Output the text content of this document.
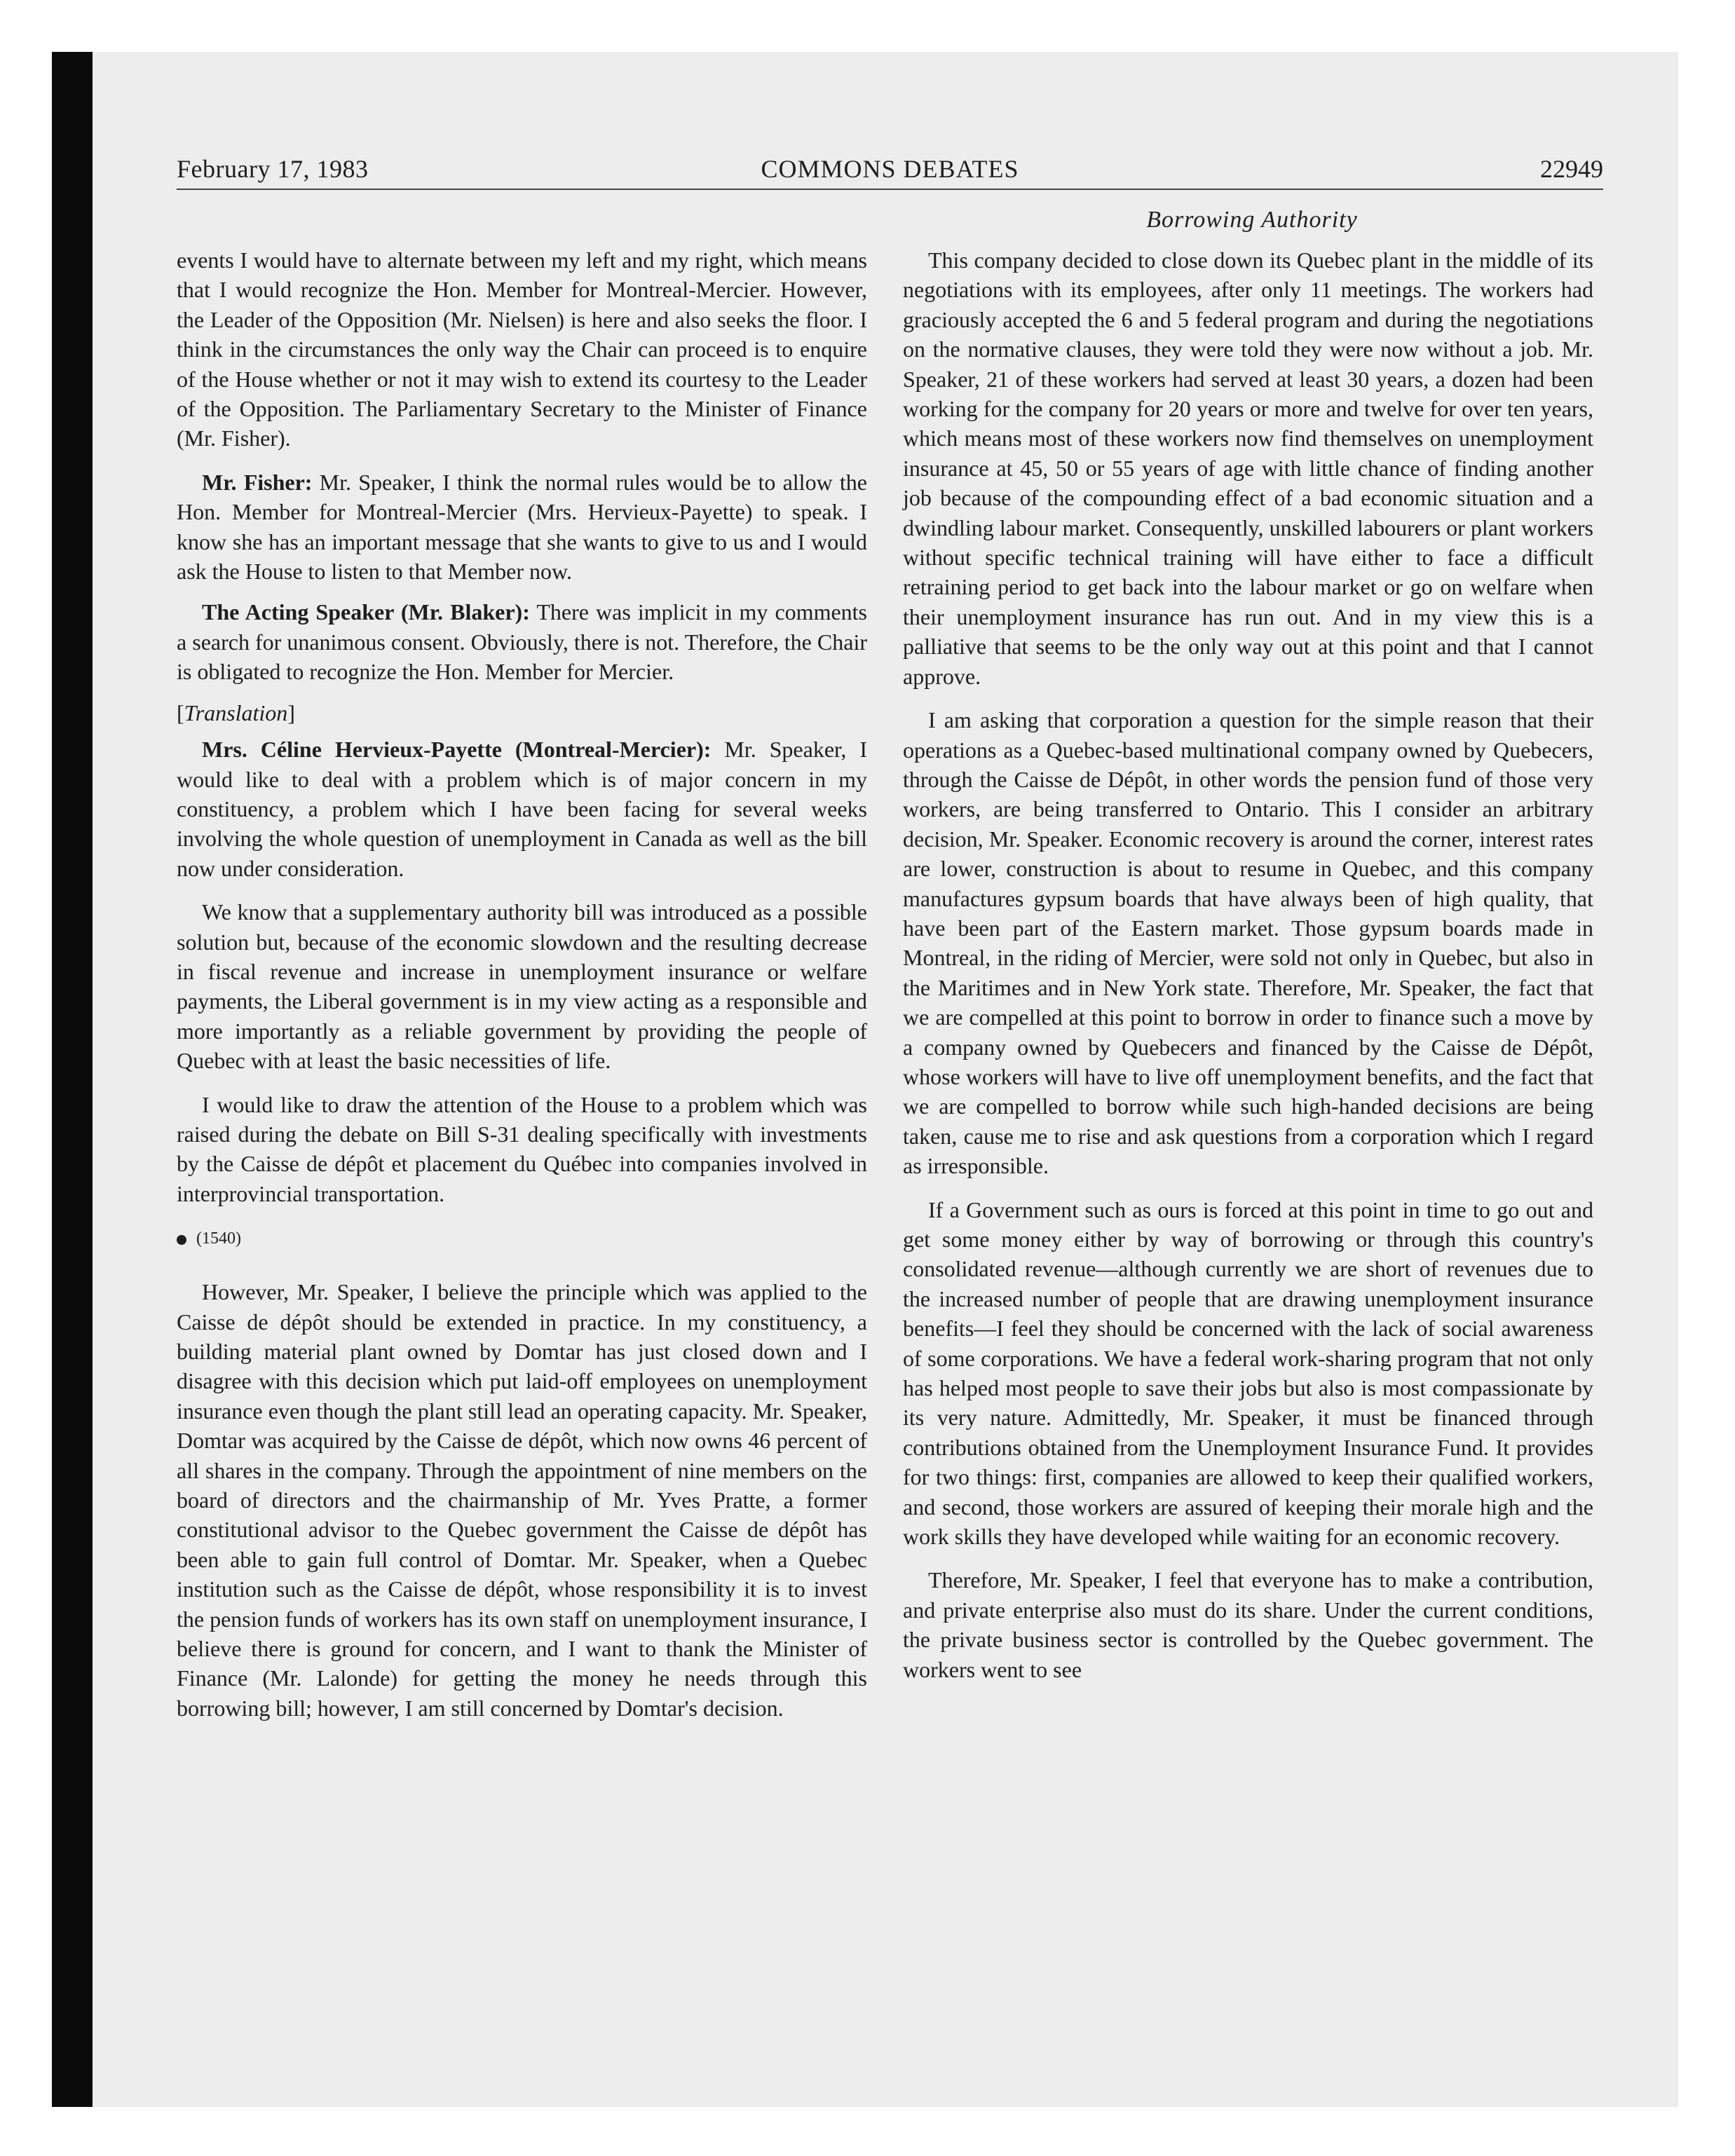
February 17, 1983	COMMONS DEBATES	22949
Borrowing Authority

events I would have to alternate between my left and my right, which means that I would recognize the Hon. Member for Montreal-Mercier. However, the Leader of the Opposition (Mr. Nielsen) is here and also seeks the floor. I think in the circumstances the only way the Chair can proceed is to enquire of the House whether or not it may wish to extend its courtesy to the Leader of the Opposition. The Parliamentary Secretary to the Minister of Finance (Mr. Fisher).

Mr. Fisher: Mr. Speaker, I think the normal rules would be to allow the Hon. Member for Montreal-Mercier (Mrs. Hervieux-Payette) to speak. I know she has an important message that she wants to give to us and I would ask the House to listen to that Member now.

The Acting Speaker (Mr. Blaker): There was implicit in my comments a search for unanimous consent. Obviously, there is not. Therefore, the Chair is obligated to recognize the Hon. Member for Mercier.

[Translation]

Mrs. Céline Hervieux-Payette (Montreal-Mercier): Mr. Speaker, I would like to deal with a problem which is of major concern in my constituency, a problem which I have been facing for several weeks involving the whole question of unemployment in Canada as well as the bill now under consideration.

We know that a supplementary authority bill was introduced as a possible solution but, because of the economic slowdown and the resulting decrease in fiscal revenue and increase in unemployment insurance or welfare payments, the Liberal government is in my view acting as a responsible and more importantly as a reliable government by providing the people of Quebec with at least the basic necessities of life.

I would like to draw the attention of the House to a problem which was raised during the debate on Bill S-31 dealing specifically with investments by the Caisse de dépôt et placement du Québec into companies involved in interprovincial transportation.

(1540)

However, Mr. Speaker, I believe the principle which was applied to the Caisse de dépôt should be extended in practice. In my constituency, a building material plant owned by Domtar has just closed down and I disagree with this decision which put laid-off employees on unemployment insurance even though the plant still lead an operating capacity. Mr. Speaker, Domtar was acquired by the Caisse de dépôt, which now owns 46 percent of all shares in the company. Through the appointment of nine members on the board of directors and the chairmanship of Mr. Yves Pratte, a former constitutional advisor to the Quebec government the Caisse de dépôt has been able to gain full control of Domtar. Mr. Speaker, when a Quebec institution such as the Caisse de dépôt, whose responsibility it is to invest the pension funds of workers has its own staff on unemployment insurance, I believe there is ground for concern, and I want to thank the Minister of Finance (Mr. Lalonde) for getting the money he needs through this borrowing bill; however, I am still concerned by Domtar's decision.

This company decided to close down its Quebec plant in the middle of its negotiations with its employees, after only 11 meetings. The workers had graciously accepted the 6 and 5 federal program and during the negotiations on the normative clauses, they were told they were now without a job. Mr. Speaker, 21 of these workers had served at least 30 years, a dozen had been working for the company for 20 years or more and twelve for over ten years, which means most of these workers now find themselves on unemployment insurance at 45, 50 or 55 years of age with little chance of finding another job because of the compounding effect of a bad economic situation and a dwindling labour market. Consequently, unskilled labourers or plant workers without specific technical training will have either to face a difficult retraining period to get back into the labour market or go on welfare when their unemployment insurance has run out. And in my view this is a palliative that seems to be the only way out at this point and that I cannot approve.

I am asking that corporation a question for the simple reason that their operations as a Quebec-based multinational company owned by Quebecers, through the Caisse de Dépôt, in other words the pension fund of those very workers, are being transferred to Ontario. This I consider an arbitrary decision, Mr. Speaker. Economic recovery is around the corner, interest rates are lower, construction is about to resume in Quebec, and this company manufactures gypsum boards that have always been of high quality, that have been part of the Eastern market. Those gypsum boards made in Montreal, in the riding of Mercier, were sold not only in Quebec, but also in the Maritimes and in New York state. Therefore, Mr. Speaker, the fact that we are compelled at this point to borrow in order to finance such a move by a company owned by Quebecers and financed by the Caisse de Dépôt, whose workers will have to live off unemployment benefits, and the fact that we are compelled to borrow while such high-handed decisions are being taken, cause me to rise and ask questions from a corporation which I regard as irresponsible.

If a Government such as ours is forced at this point in time to go out and get some money either by way of borrowing or through this country's consolidated revenue—although currently we are short of revenues due to the increased number of people that are drawing unemployment insurance benefits—I feel they should be concerned with the lack of social awareness of some corporations. We have a federal work-sharing program that not only has helped most people to save their jobs but also is most compassionate by its very nature. Admittedly, Mr. Speaker, it must be financed through contributions obtained from the Unemployment Insurance Fund. It provides for two things: first, companies are allowed to keep their qualified workers, and second, those workers are assured of keeping their morale high and the work skills they have developed while waiting for an economic recovery.

Therefore, Mr. Speaker, I feel that everyone has to make a contribution, and private enterprise also must do its share. Under the current conditions, the private business sector is controlled by the Quebec government. The workers went to see
